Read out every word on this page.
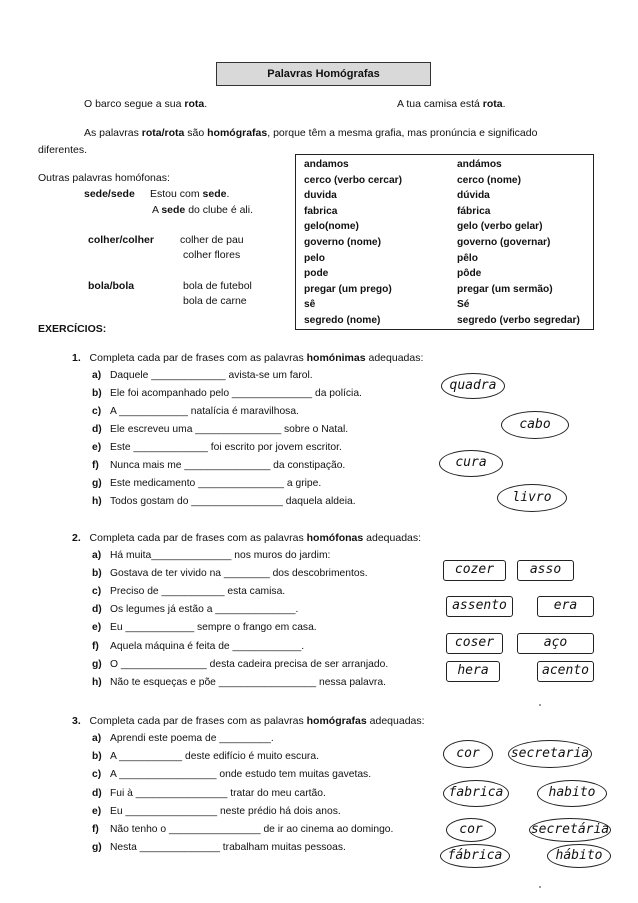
Palavras Homógrafas
O barco segue a sua rota.	A tua camisa está rota.
As palavras rota/rota são homógrafas, porque têm a mesma grafia, mas pronúncia e significado
diferentes.
Outras palavras homófonas:
sede/sede Estou com sede.
A sede do clube é ali.
colher/colher colher de pau
colher flores
bola/bola	bola de futebol
bola de carne
andamos	andámos
cerco (verbo cercar)	cerco (nome)
duvida	dúvida
fabrica	fábrica
gelo(nome)	gelo (verbo gelar)
governo (nome)	governo (governar)
pelo	pêlo
pode	pôde
pregar (um prego)	pregar (um sermão)
sê	Sé
segredo (nome)	segredo (verbo segredar)
EXERCÍCIOS:
1. Completa cada par de frases com as palavras homónimas adequadas:
a) Daquele _____________ avista-se um farol.
b) Ele foi acompanhado pelo ______________ da polícia.
c) A ____________ natalícia é maravilhosa.
d) Ele escreveu uma _______________ sobre o Natal.
e) Este _____________ foi escrito por jovem escritor.
f) Nunca mais me _______________ da constipação.
g) Este medicamento _______________ a gripe.
h) Todos gostam do ________________ daquela aldeia.
quadra
cabo
cura
livro
2. Completa cada par de frases com as palavras homófonas adequadas:
a) Há muita______________ nos muros do jardim:
b) Gostava de ter vivido na ________ dos descobrimentos.
c) Preciso de ___________ esta camisa.
d) Os legumes já estão a ______________.
e) Eu ____________ sempre o frango em casa.
f) Aquela máquina é feita de ____________.
g) O _______________ desta cadeira precisa de ser arranjado.
h) Não te esqueças e põe _________________ nessa palavra.
cozer	asso
assento	era
coser	aço
hera	acento
3. Completa cada par de frases com as palavras homógrafas adequadas:
a) Aprendi este poema de _________.
b) A ___________ deste edifício é muito escura.
c) A _________________ onde estudo tem muitas gavetas.
d) Fui à ________________ tratar do meu cartão.
e) Eu ________________ neste prédio há dois anos.
f) Não tenho o ________________ de ir ao cinema ao domingo.
g) Nesta ______________ trabalham muitas pessoas.
cor	secretaria
fabrica	habito
cor	secretária
fábrica	hábito
